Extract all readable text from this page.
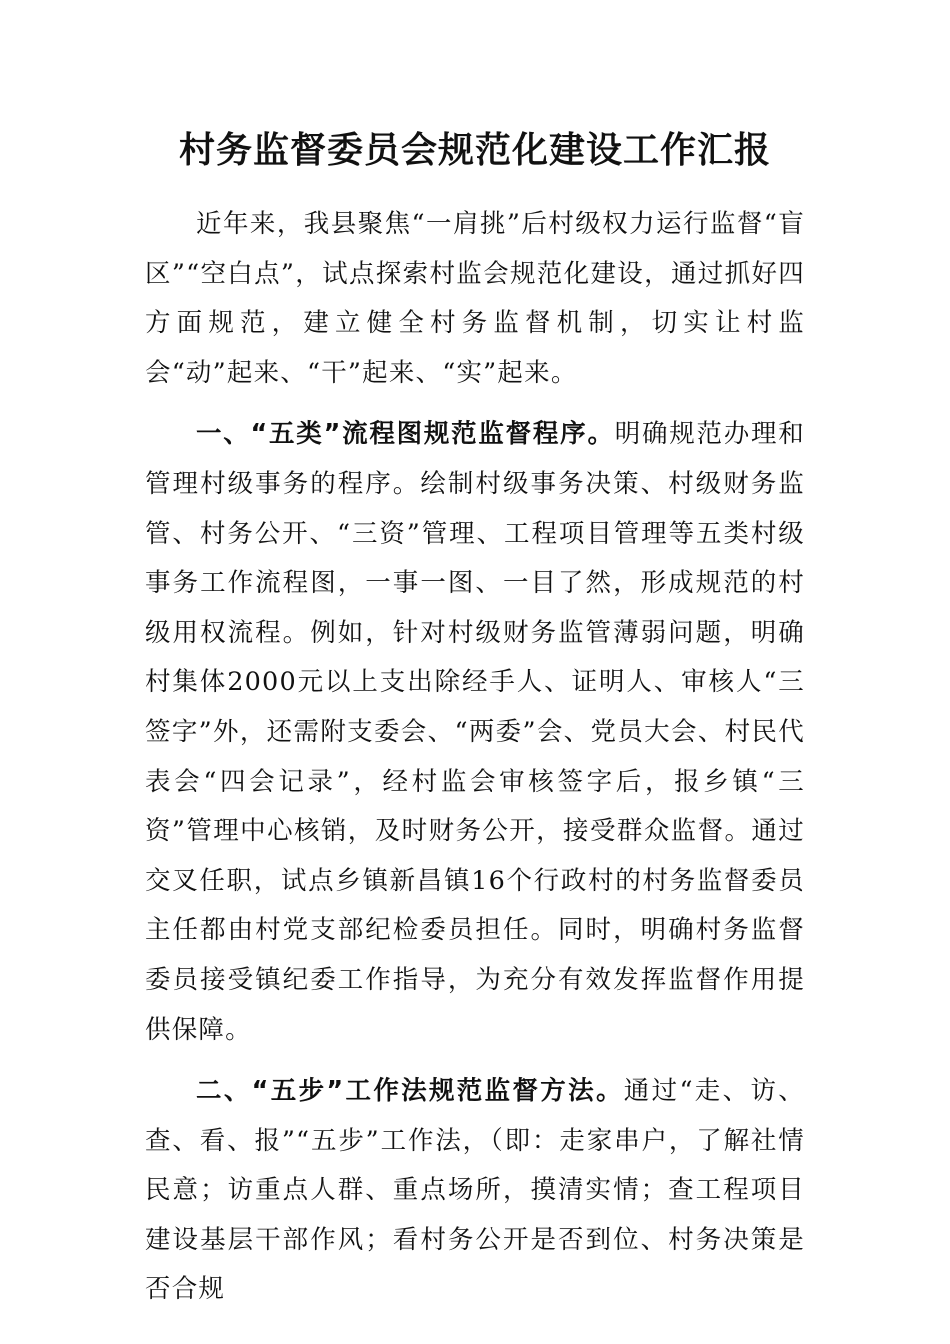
村务监督委员会规范化建设工作汇报

近年来，我县聚焦“一肩挑”后村级权力运行监督“盲区”“空白点”，试点探索村监会规范化建设，通过抓好四方面规范，建立健全村务监督机制，切实让村监会“动”起来、“干”起来、“实”起来。

一、“五类”流程图规范监督程序。明确规范办理和管理村级事务的程序。绘制村级事务决策、村级财务监管、村务公开、“三资”管理、工程项目管理等五类村级事务工作流程图，一事一图、一目了然，形成规范的村级用权流程。例如，针对村级财务监管薄弱问题，明确村集体2000元以上支出除经手人、证明人、审核人“三签字”外，还需附支委会、“两委”会、党员大会、村民代表会“四会记录”，经村监会审核签字后，报乡镇“三资”管理中心核销，及时财务公开，接受群众监督。通过交叉任职，试点乡镇新昌镇16个行政村的村务监督委员主任都由村党支部纪检委员担任。同时，明确村务监督委员接受镇纪委工作指导，为充分有效发挥监督作用提供保障。

二、“五步”工作法规范监督方法。通过“走、访、查、看、报”“五步”工作法，（即：走家串户，了解社情民意；访重点人群、重点场所，摸清实情；查工程项目建设基层干部作风；看村务公开是否到位、村务决策是否合规
